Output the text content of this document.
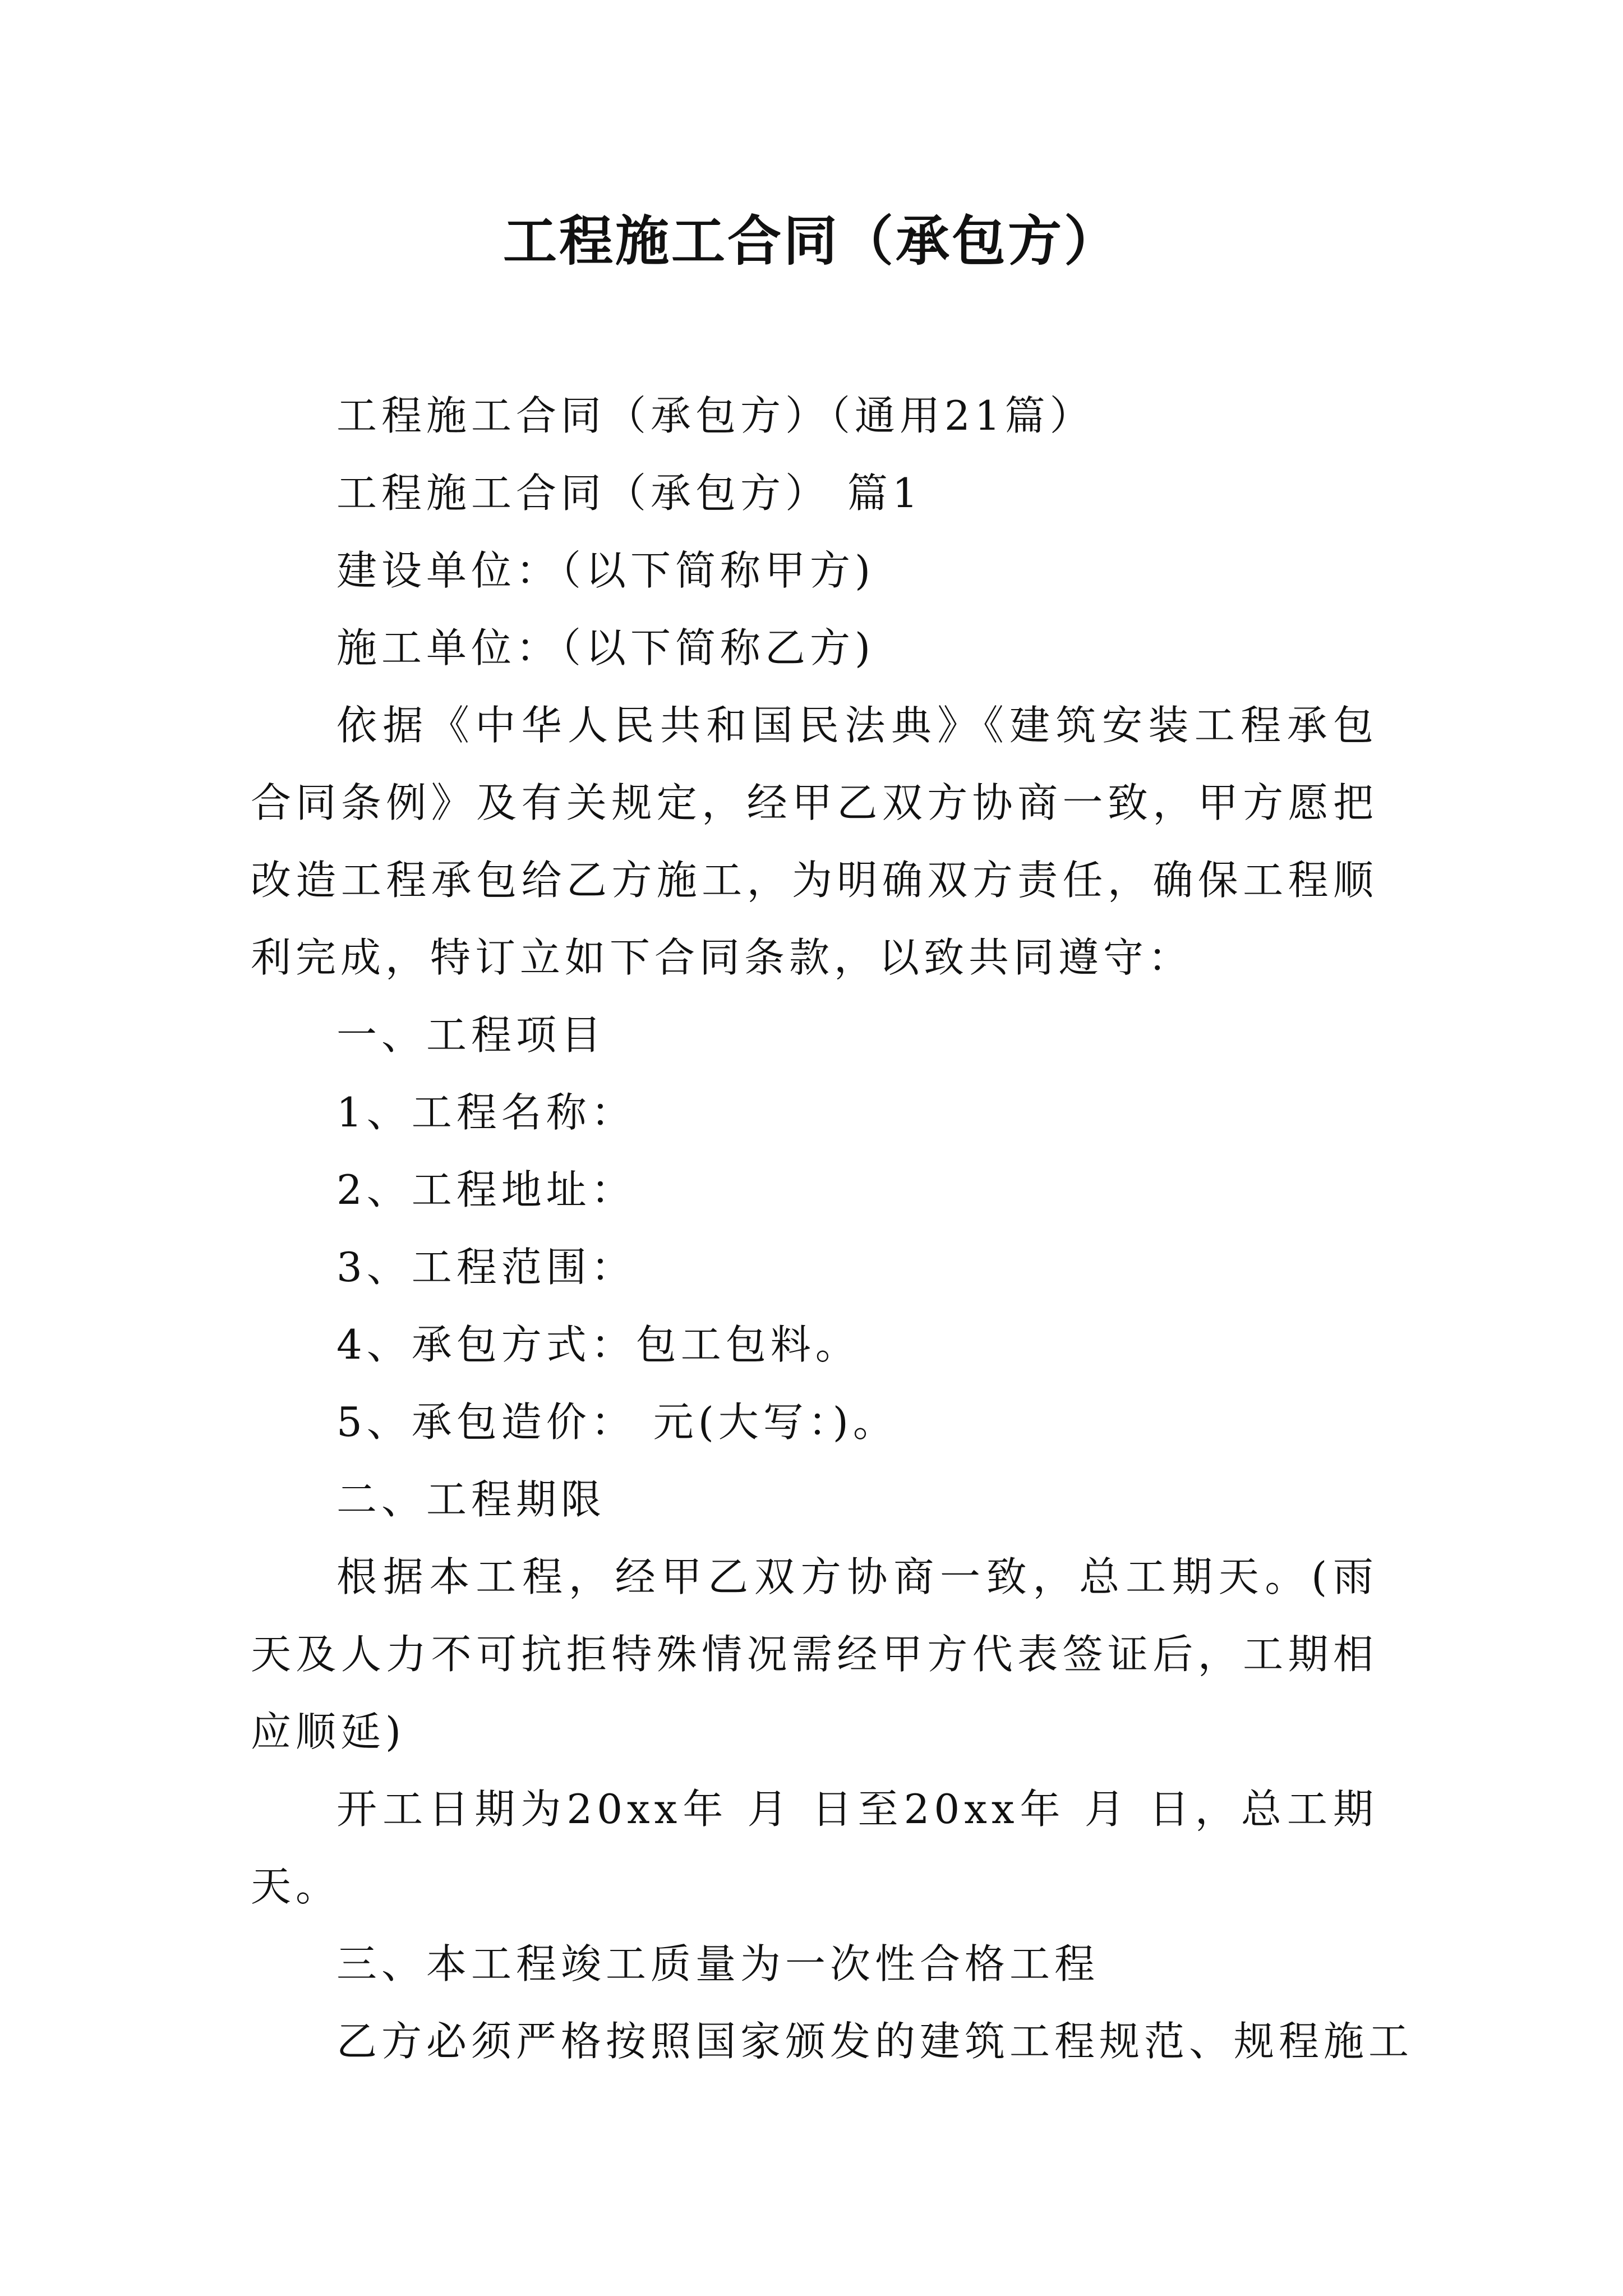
工程施工合同（承包方）

工程施工合同（承包方）（通用21篇）

工程施工合同（承包方） 篇1

建设单位：（以下简称甲方)

施工单位：（以下简称乙方)

依据《中华人民共和国民法典》《建筑安装工程承包合同条例》及有关规定，经甲乙双方协商一致，甲方愿把 改造工程承包给乙方施工，为明确双方责任，确保工程顺利完成，特订立如下合同条款，以致共同遵守：

一、工程项目

1、工程名称：

2、工程地址：

3、工程范围：

4、承包方式：包工包料。

5、承包造价： 元(大写：)。

二、工程期限

根据本工程，经甲乙双方协商一致，总工期天。(雨天及人力不可抗拒特殊情况需经甲方代表签证后，工期相应顺延)

开工日期为20xx年 月 日至20xx年 月 日，总工期天。

三、本工程竣工质量为一次性合格工程

乙方必须严格按照国家颁发的建筑工程规范、规程施工
